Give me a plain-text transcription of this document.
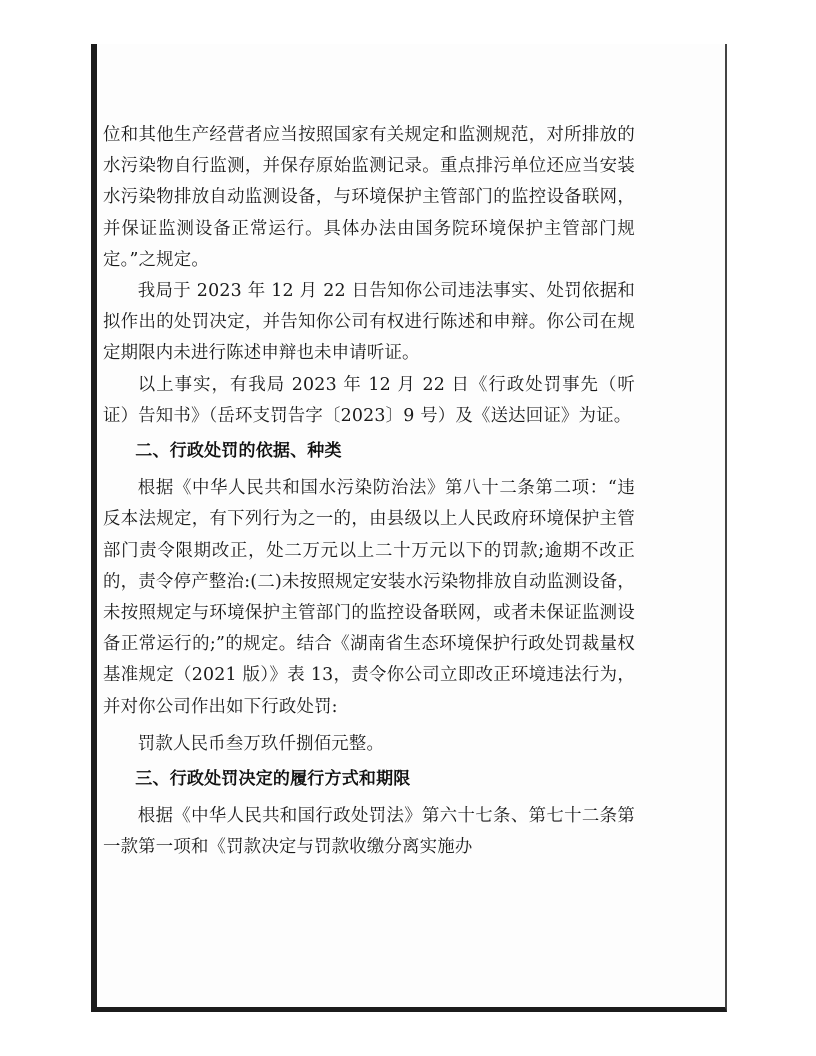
位和其他生产经营者应当按照国家有关规定和监测规范，对所排放的水污染物自行监测，并保存原始监测记录。重点排污单位还应当安装水污染物排放自动监测设备，与环境保护主管部门的监控设备联网，并保证监测设备正常运行。具体办法由国务院环境保护主管部门规定。”之规定。

我局于 2023 年 12 月 22 日告知你公司违法事实、处罚依据和拟作出的处罚决定，并告知你公司有权进行陈述和申辩。你公司在规定期限内未进行陈述申辩也未申请听证。

以上事实，有我局 2023 年 12 月 22 日《行政处罚事先（听证）告知书》（岳环支罚告字〔2023〕9 号）及《送达回证》为证。

二、行政处罚的依据、种类

根据《中华人民共和国水污染防治法》第八十二条第二项：“违反本法规定，有下列行为之一的，由县级以上人民政府环境保护主管部门责令限期改正，处二万元以上二十万元以下的罚款;逾期不改正的，责令停产整治:(二)未按照规定安装水污染物排放自动监测设备，未按照规定与环境保护主管部门的监控设备联网，或者未保证监测设备正常运行的;”的规定。结合《湖南省生态环境保护行政处罚裁量权基准规定（2021 版）》表 13，责令你公司立即改正环境违法行为，并对你公司作出如下行政处罚:

罚款人民币叁万玖仟捌佰元整。

三、行政处罚决定的履行方式和期限

根据《中华人民共和国行政处罚法》第六十七条、第七十二条第一款第一项和《罚款决定与罚款收缴分离实施办
